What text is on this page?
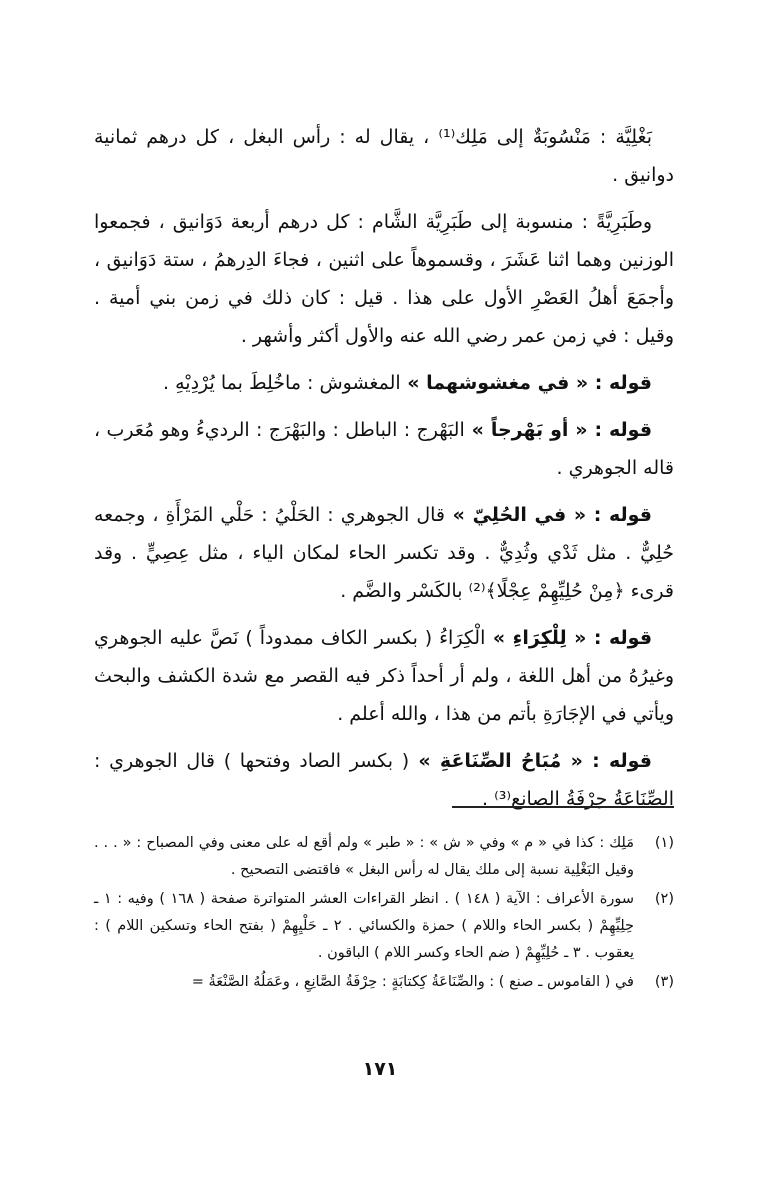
بَغْلِيَّة : مَنْسُوبَةٌ إلى مَلِك⁽¹⁾ ، يقال له : رأس البغل ، كل درهم ثمانية دوانيق .

وطَبَرِيَّةً : منسوبة إلى طَبَرِيَّة الشَّام : كل درهم أربعة دَوَانيق ، فجمعوا الوزنين وهما اثنا عَشَرَ ، وقسموهاً على اثنين ، فجاءَ الدِرهمُ ، ستة دَوَانيق ، وأجمَعَ أهلُ العَصْرِ الأول على هذا . قيل : كان ذلك في زمن بني أمية . وقيل : في زمن عمر رضي الله عنه والأول أكثر وأشهر .

قوله : « في مغشوشهما » المغشوش : ماخُلِطَ بما يُرْدِيْهِ .

قوله : « أو بَهْرجاً » البَهْرج : الباطل : والبَهْرَج : الرديءُ وهو مُعَرب ، قاله الجوهري .

قوله : « في الحُلِيّ » قال الجوهري : الحَلْيُ : حَلْي المَرْأَةِ ، وجمعه حُلِيٌّ . مثل ثَدْي وثُدِيٌّ . وقد تكسر الحاء لمكان الياء ، مثل عِصِيٍّ . وقد قرىء ﴿مِنْ حُلِيِّهِمْ عِجْلًا﴾⁽²⁾ بالكَسْر والضَّم .

قوله : « لِلْكِرَاءِ » الْكِرَاءُ ( بكسر الكاف ممدوداً ) نَصَّ عليه الجوهري وغيرُهُ من أهل اللغة ، ولم أر أحداً ذكر فيه القصر مع شدة الكشف والبحث ويأتي في الإجَارَةِ بأتم من هذا ، والله أعلم .

قوله : « مُبَاحُ الصِّنَاعَةِ » ( بكسر الصاد وفتحها ) قال الجوهري : الصِّنَاعَةُ حِرْفَةُ الصانع⁽³⁾ .

(١)
مَلِك : كذا في « م » وفي « ش » : « طبر » ولم أقع له على معنى وفي المصباح : « . . . وقيل البَغْلِية نسبة إلى ملك يقال له رأس البغل » فاقتضى التصحيح .
(٢)
سورة الأعراف : الآية ( ١٤٨ ) . انظر القراءات العشر المتواترة صفحة ( ١٦٨ ) وفيه : ١ ـ حِلِيِّهِمْ ( بكسر الحاء واللام ) حمزة والكسائي . ٢ ـ حَلْيِهِمْ ( بفتح الحاء وتسكين اللام ) : يعقوب . ٣ ـ حُلِيِّهِمْ ( ضم الحاء وكسر اللام ) الباقون .
(٣)
في ( القاموس ـ صنع ) : والصِّنَاعَةُ كِكتابَةٍ : حِرْفَةُ الصَّانِعِ ، وعَمَلُهُ الصَّنْعَةُ =
١٧١
